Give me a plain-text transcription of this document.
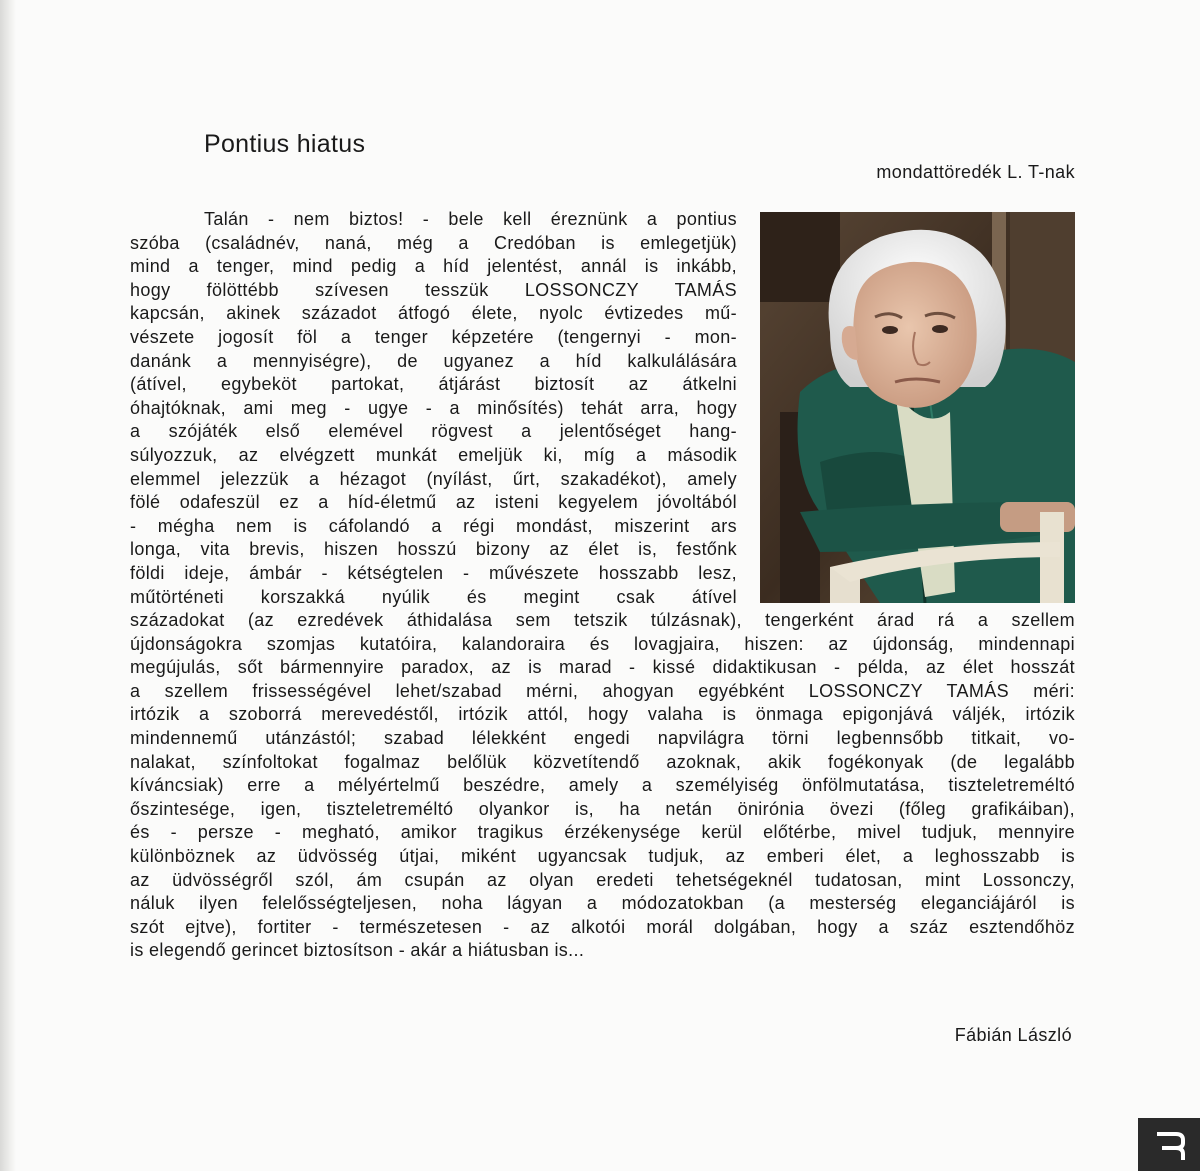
Pontius hiatus
mondattöredék L. T-nak
Talán - nem biztos! - bele kell éreznünk a pontius
szóba (családnév, naná, még a Credóban is emlegetjük)
mind a tenger, mind pedig a híd jelentést, annál is inkább,
hogy fölöttébb szívesen tesszük LOSSONCZY TAMÁS
kapcsán, akinek századot átfogó élete, nyolc évtizedes mű-
vészete jogosít föl a tenger képzetére (tengernyi - mon-
danánk a mennyiségre), de ugyanez a híd kalkulálására
(átível, egybeköt partokat, átjárást biztosít az átkelni
óhajtóknak, ami meg - ugye - a minősítés) tehát arra, hogy
a szójáték első elemével rögvest a jelentőséget hang-
súlyozzuk, az elvégzett munkát emeljük ki, míg a második
elemmel jelezzük a hézagot (nyílást, űrt, szakadékot), amely
fölé odafeszül ez a híd-életmű az isteni kegyelem jóvoltából
- mégha nem is cáfolandó a régi mondást, miszerint ars
longa, vita brevis, hiszen hosszú bizony az élet is, festőnk
földi ideje, ámbár - kétségtelen - művészete hosszabb lesz,
műtörténeti korszakká nyúlik és megint csak átível
századokat (az ezredévek áthidalása sem tetszik túlzásnak), tengerként árad rá a szellem
újdonságokra szomjas kutatóira, kalandoraira és lovagjaira, hiszen: az újdonság, mindennapi
megújulás, sőt bármennyire paradox, az is marad - kissé didaktikusan - példa, az élet hosszát
a szellem frissességével lehet/szabad mérni, ahogyan egyébként LOSSONCZY TAMÁS méri:
irtózik a szoborrá merevedéstől, irtózik attól, hogy valaha is önmaga epigonjává váljék, irtózik
mindennemű utánzástól; szabad lélekként engedi napvilágra törni legbennsőbb titkait, vo-
nalakat, színfoltokat fogalmaz belőlük közvetítendő azoknak, akik fogékonyak (de legalább
kíváncsiak) erre a mélyértelmű beszédre, amely a személyiség önfölmutatása, tiszteletreméltó
őszintesége, igen, tiszteletreméltó olyankor is, ha netán önirónia övezi (főleg grafikáiban),
és - persze - megható, amikor tragikus érzékenysége kerül előtérbe, mivel tudjuk, mennyire
különböznek az üdvösség útjai, miként ugyancsak tudjuk, az emberi élet, a leghosszabb is
az üdvösségről szól, ám csupán az olyan eredeti tehetségeknél tudatosan, mint Lossonczy,
náluk ilyen felelősségteljesen, noha lágyan a módozatokban (a mesterség eleganciájáról is
szót ejtve), fortiter - természetesen - az alkotói morál dolgában, hogy a száz esztendőhöz
is elegendő gerincet biztosítson - akár a hiátusban is...
Fábián László
